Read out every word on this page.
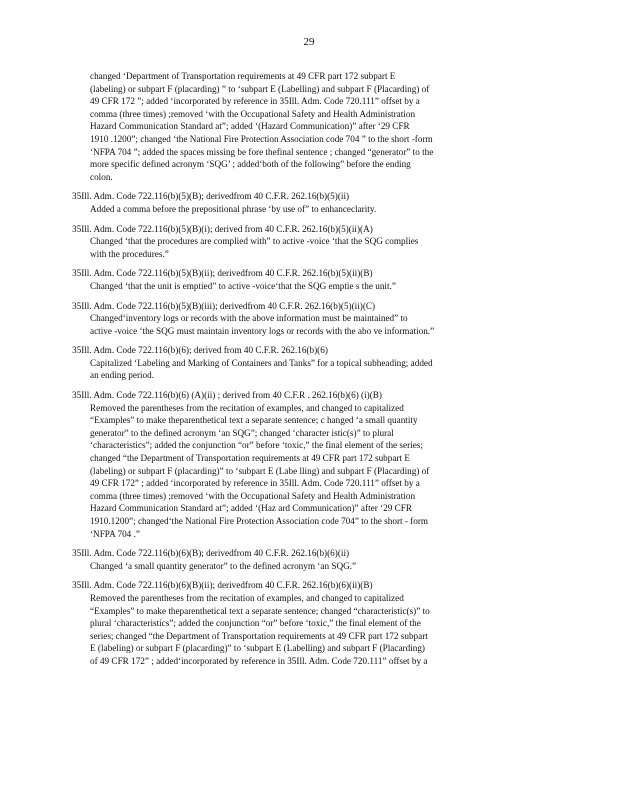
29
changed ‘Department of Transportation requirements at 49 CFR part 172 subpart E
(labeling) or subpart F (placarding) ” to ‘subpart E (Labelling) and subpart F (Placarding) of
49 CFR 172 ”; added ‘incorporated by reference in 35Ill. Adm. Code 720.111” offset by a
comma (three times) ;removed ‘with the Occupational Safety and Health Administration
Hazard Communication Standard at”; added ‘(Hazard Communication)” after ‘29 CFR
1910 .1200”; changed ‘the National Fire Protection Association code 704 ” to the short -form
‘NFPA 704 ”; added the spaces missing be fore thefinal sentence ; changed “generator” to the
more specific defined acronym ‘SQG’ ; added‘both of the following” before the ending
colon.
35Ill. Adm. Code 722.116(b)(5)(B); derivedfrom 40 C.F.R. 262.16(b)(5)(ii)
Added a comma before the prepositional phrase ‘by use of” to enhanceclarity.
35Ill. Adm. Code 722.116(b)(5)(B)(i); derived from 40 C.F.R. 262.16(b)(5)(ii)(A)
Changed ‘that the procedures are complied with” to active -voice ‘that the SQG complies
with the procedures.”
35Ill. Adm. Code 722.116(b)(5)(B)(ii); derivedfrom 40 C.F.R. 262.16(b)(5)(ii)(B)
Changed ‘that the unit is emptied” to active -voice‘that the SQG emptie s the unit.”
35Ill. Adm. Code 722.116(b)(5)(B)(iii); derivedfrom 40 C.F.R. 262.16(b)(5)(ii)(C)
Changed‘inventory logs or records with the above information must be maintained” to
active -voice ‘the SQG must maintain inventory logs or records with the abo ve information.”
35Ill. Adm. Code 722.116(b)(6); derived from 40 C.F.R. 262.16(b)(6)
Capitalized ‘Labeling and Marking of Containers and Tanks” for a topical subheading; added
an ending period.
35Ill. Adm. Code 722.116(b)(6) (A)(ii) ; derived from 40 C.F.R . 262.16(b)(6) (i)(B)
Removed the parentheses from the recitation of examples, and changed to capitalized
“Examples” to make theparenthetical text a separate sentence; c hanged ‘a small quantity
generator” to the defined acronym ‘an SQG”; changed ‘character istic(s)” to plural
‘characteristics”; added the conjunction “or” before ‘toxic,” the final element of the series;
changed “the Department of Transportation requirements at 49 CFR part 172 subpart E
(labeling) or subpart F (placarding)” to ‘subpart E (Labe lling) and subpart F (Placarding) of
49 CFR 172” ; added ‘incorporated by reference in 35Ill. Adm. Code 720.111” offset by a
comma (three times) ;removed ‘with the Occupational Safety and Health Administration
Hazard Communication Standard at”; added ‘(Haz ard Communication)” after ‘29 CFR
1910.1200”; changed‘the National Fire Protection Association code 704” to the short - form
‘NFPA 704 .”
35Ill. Adm. Code 722.116(b)(6)(B); derivedfrom 40 C.F.R. 262.16(b)(6)(ii)
Changed ‘a small quantity generator” to the defined acronym ‘an SQG.”
35Ill. Adm. Code 722.116(b)(6)(B)(ii); derivedfrom 40 C.F.R. 262.16(b)(6)(ii)(B)
Removed the parentheses from the recitation of examples, and changed to capitalized
“Examples” to make theparenthetical text a separate sentence; changed “characteristic(s)” to
plural ‘characteristics”; added the conjunction “or” before ‘toxic,” the final element of the
series; changed “the Department of Transportation requirements at 49 CFR part 172 subpart
E (labeling) or subpart F (placarding)” to ‘subpart E (Labelling) and subpart F (Placarding)
of 49 CFR 172” ; added‘incorporated by reference in 35Ill. Adm. Code 720.111” offset by a
